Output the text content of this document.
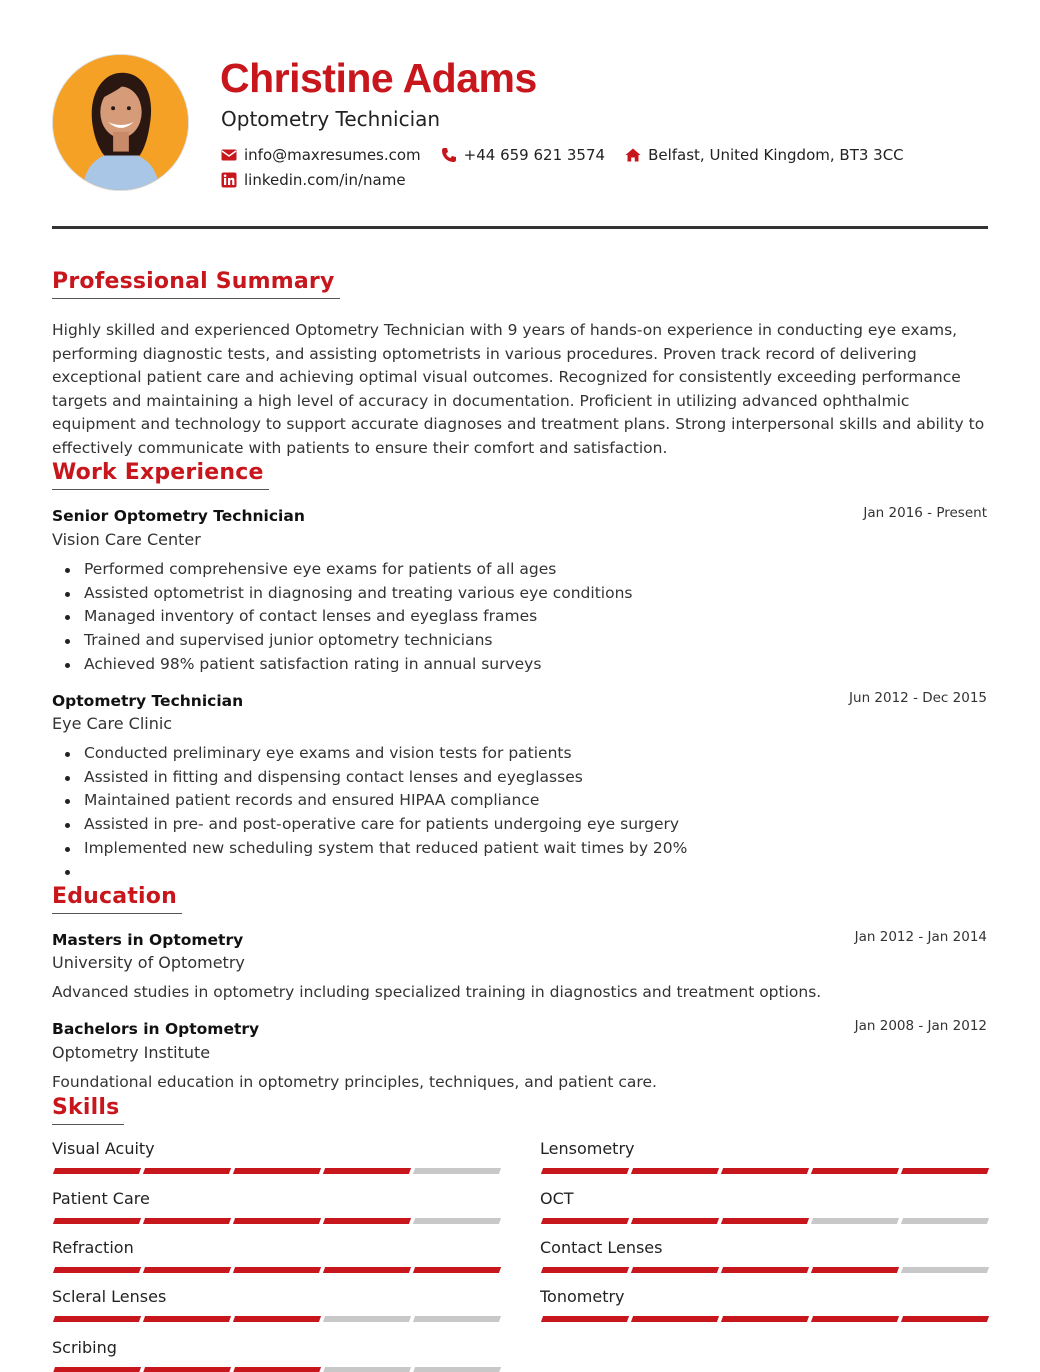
Christine Adams
Optometry Technician
info@maxresumes.com	+44 659 621 3574	Belfast, United Kingdom, BT3 3CC
linkedin.com/in/name
Professional Summary
Highly skilled and experienced Optometry Technician with 9 years of hands-on experience in conducting eye exams, performing diagnostic tests, and assisting optometrists in various procedures. Proven track record of delivering exceptional patient care and achieving optimal visual outcomes. Recognized for consistently exceeding performance targets and maintaining a high level of accuracy in documentation. Proficient in utilizing advanced ophthalmic equipment and technology to support accurate diagnoses and treatment plans. Strong interpersonal skills and ability to effectively communicate with patients to ensure their comfort and satisfaction.
Work Experience
Senior Optometry Technician	Jan 2016 - Present
Vision Care Center
Performed comprehensive eye exams for patients of all ages
Assisted optometrist in diagnosing and treating various eye conditions
Managed inventory of contact lenses and eyeglass frames
Trained and supervised junior optometry technicians
Achieved 98% patient satisfaction rating in annual surveys
Optometry Technician	Jun 2012 - Dec 2015
Eye Care Clinic
Conducted preliminary eye exams and vision tests for patients
Assisted in fitting and dispensing contact lenses and eyeglasses
Maintained patient records and ensured HIPAA compliance
Assisted in pre- and post-operative care for patients undergoing eye surgery
Implemented new scheduling system that reduced patient wait times by 20%
Education
Masters in Optometry	Jan 2012 - Jan 2014
University of Optometry
Advanced studies in optometry including specialized training in diagnostics and treatment options.
Bachelors in Optometry	Jan 2008 - Jan 2012
Optometry Institute
Foundational education in optometry principles, techniques, and patient care.
Skills
Visual Acuity	Lensometry
Patient Care	OCT
Refraction	Contact Lenses
Scleral Lenses	Tonometry
Scribing
